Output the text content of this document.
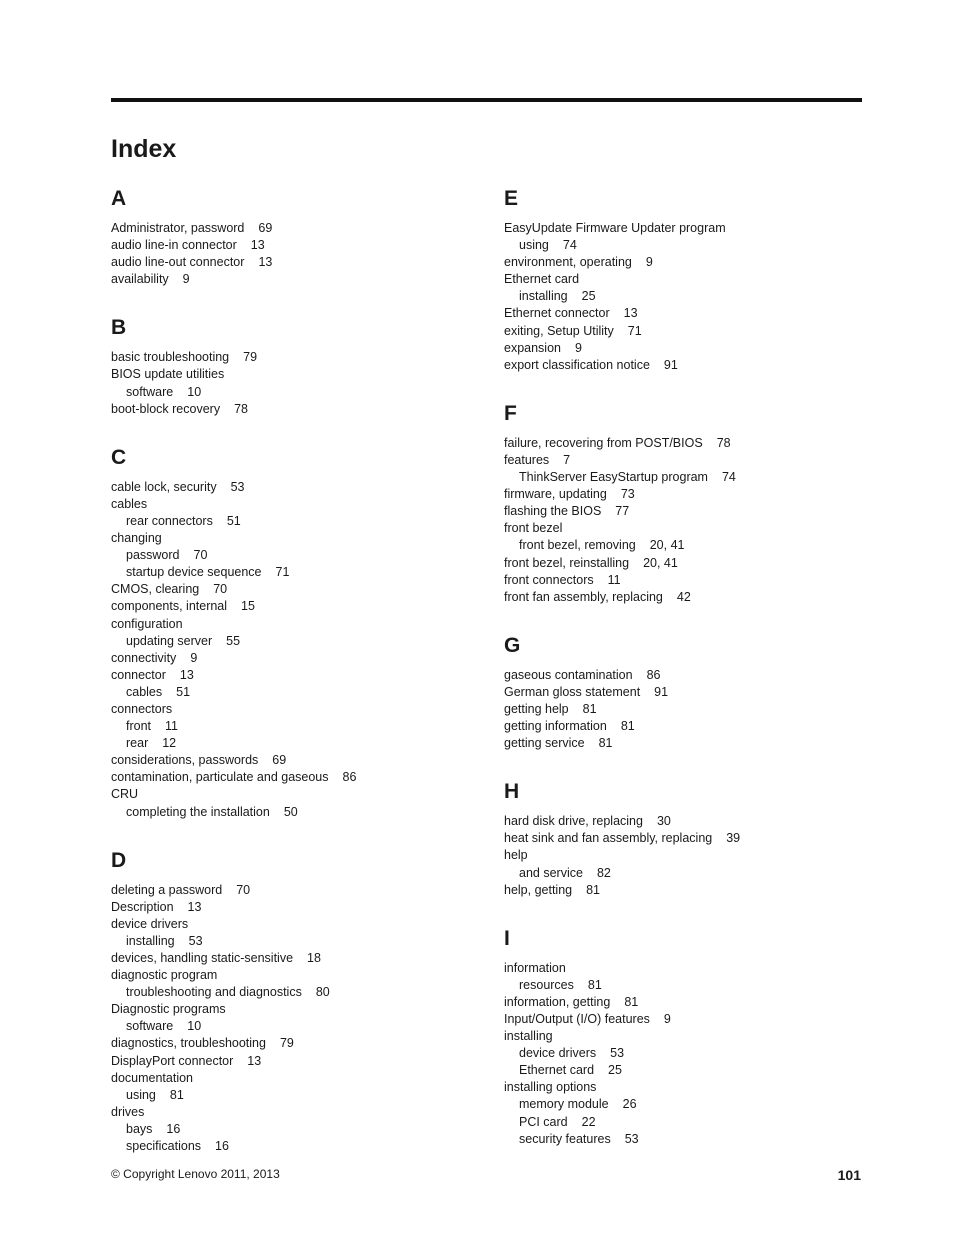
Index
A
Administrator, password 69
audio line-in connector 13
audio line-out connector 13
availability 9
B
basic troubleshooting 79
BIOS update utilities
software 10
boot-block recovery 78
C
cable lock, security 53
cables
rear connectors 51
changing
password 70
startup device sequence 71
CMOS, clearing 70
components, internal 15
configuration
updating server 55
connectivity 9
connector 13
cables 51
connectors
front 11
rear 12
considerations, passwords 69
contamination, particulate and gaseous 86
CRU
completing the installation 50
D
deleting a password 70
Description 13
device drivers
installing 53
devices, handling static-sensitive 18
diagnostic program
troubleshooting and diagnostics 80
Diagnostic programs
software 10
diagnostics, troubleshooting 79
DisplayPort connector 13
documentation
using 81
drives
bays 16
specifications 16
E
EasyUpdate Firmware Updater program
using 74
environment, operating 9
Ethernet card
installing 25
Ethernet connector 13
exiting, Setup Utility 71
expansion 9
export classification notice 91
F
failure, recovering from POST/BIOS 78
features 7
ThinkServer EasyStartup program 74
firmware, updating 73
flashing the BIOS 77
front bezel
front bezel, removing 20, 41
front bezel, reinstalling 20, 41
front connectors 11
front fan assembly, replacing 42
G
gaseous contamination 86
German gloss statement 91
getting help 81
getting information 81
getting service 81
H
hard disk drive, replacing 30
heat sink and fan assembly, replacing 39
help
and service 82
help, getting 81
I
information
resources 81
information, getting 81
Input/Output (I/O) features 9
installing
device drivers 53
Ethernet card 25
installing options
memory module 26
PCI card 22
security features 53
© Copyright Lenovo 2011, 2013	101
